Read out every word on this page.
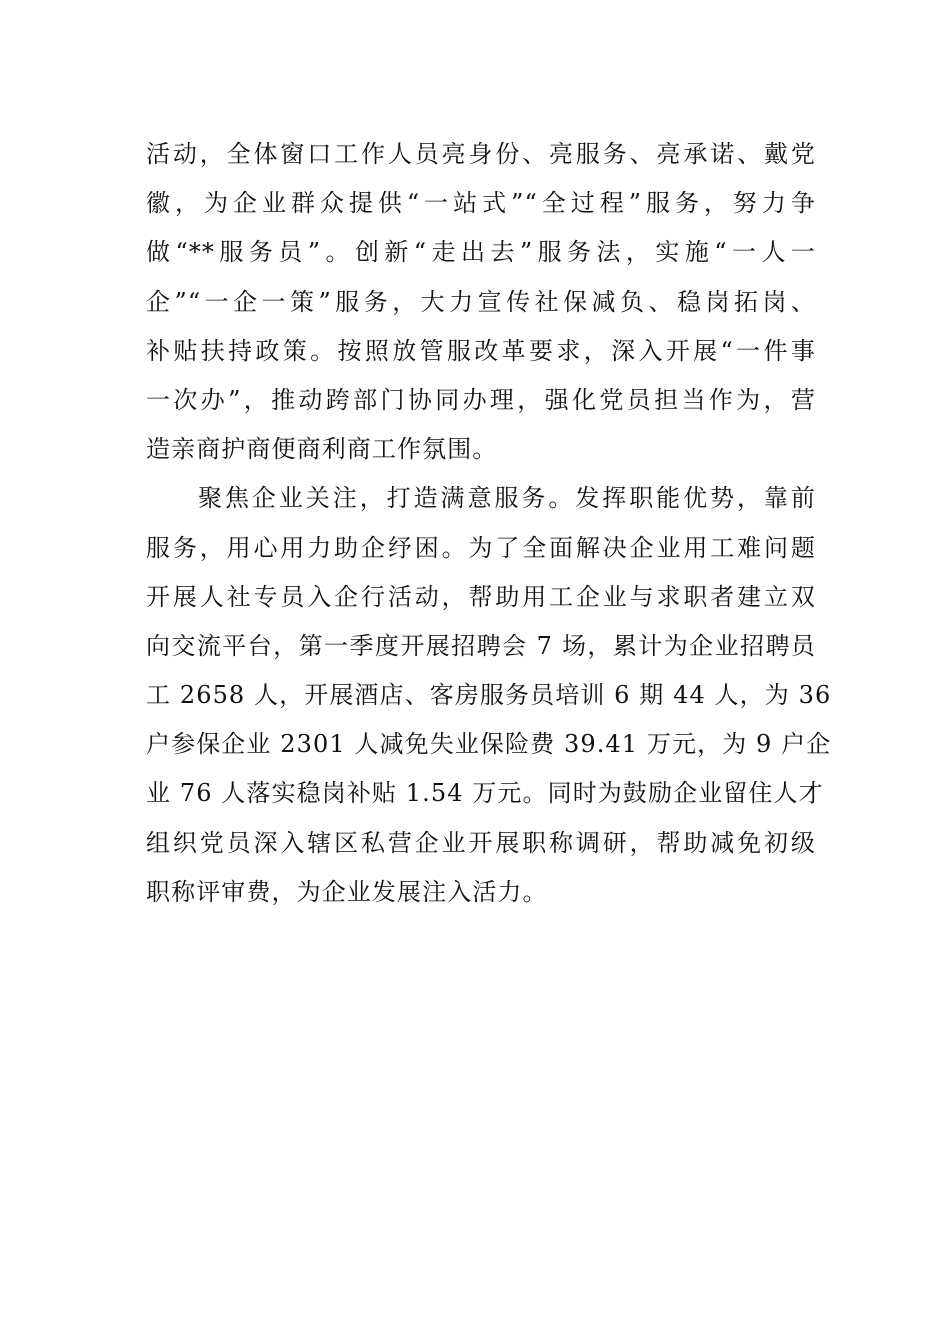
活动，全体窗口工作人员亮身份、亮服务、亮承诺、戴党
徽，为企业群众提供“一站式”“全过程”服务，努力争
做“**服务员”。创新“走出去”服务法，实施“一人一
企”“一企一策”服务，大力宣传社保减负、稳岗拓岗、
补贴扶持政策。按照放管服改革要求，深入开展“一件事
一次办”，推动跨部门协同办理，强化党员担当作为，营
造亲商护商便商利商工作氛围。
聚焦企业关注，打造满意服务。发挥职能优势，靠前
服务，用心用力助企纾困。为了全面解决企业用工难问题
开展人社专员入企行活动，帮助用工企业与求职者建立双
向交流平台，第一季度开展招聘会 7 场，累计为企业招聘员
工 2658 人，开展酒店、客房服务员培训 6 期 44 人，为 36
户参保企业 2301 人减免失业保险费 39.41 万元，为 9 户企
业 76 人落实稳岗补贴 1.54 万元。同时为鼓励企业留住人才
组织党员深入辖区私营企业开展职称调研，帮助减免初级
职称评审费，为企业发展注入活力。
